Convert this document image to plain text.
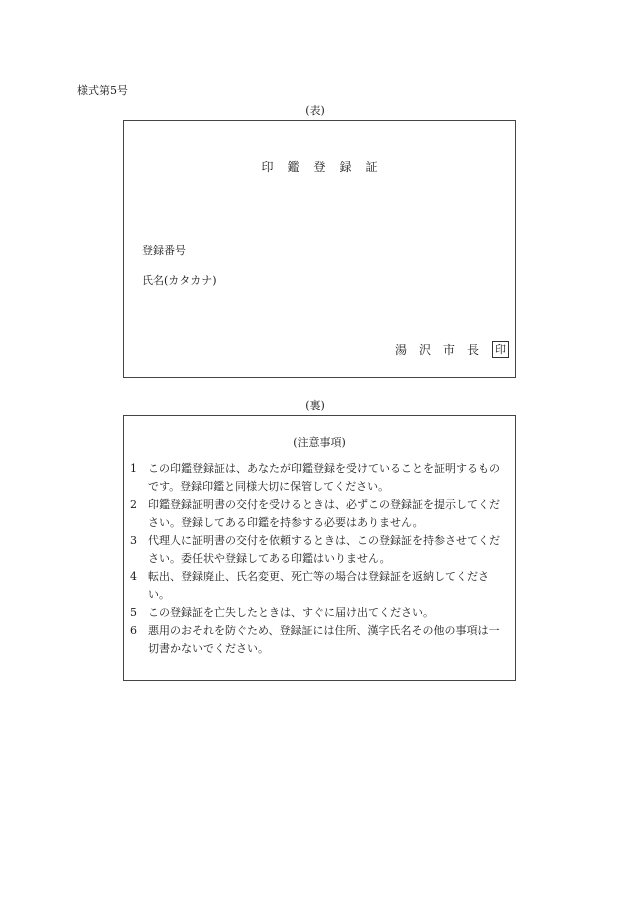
様式第5号
(表)
印鑑登録証
登録番号
氏名(カタカナ)
湯沢市長 印
(裏)
(注意事項)
1	この印鑑登録証は、あなたが印鑑登録を受けていることを証明するものです。登録印鑑と同様大切に保管してください。
2	印鑑登録証明書の交付を受けるときは、必ずこの登録証を提示してください。登録してある印鑑を持参する必要はありません。
3	代理人に証明書の交付を依頼するときは、この登録証を持参させてください。委任状や登録してある印鑑はいりません。
4	転出、登録廃止、氏名変更、死亡等の場合は登録証を返納してください。
5	この登録証を亡失したときは、すぐに届け出てください。
6	悪用のおそれを防ぐため、登録証には住所、漢字氏名その他の事項は一切書かないでください。
